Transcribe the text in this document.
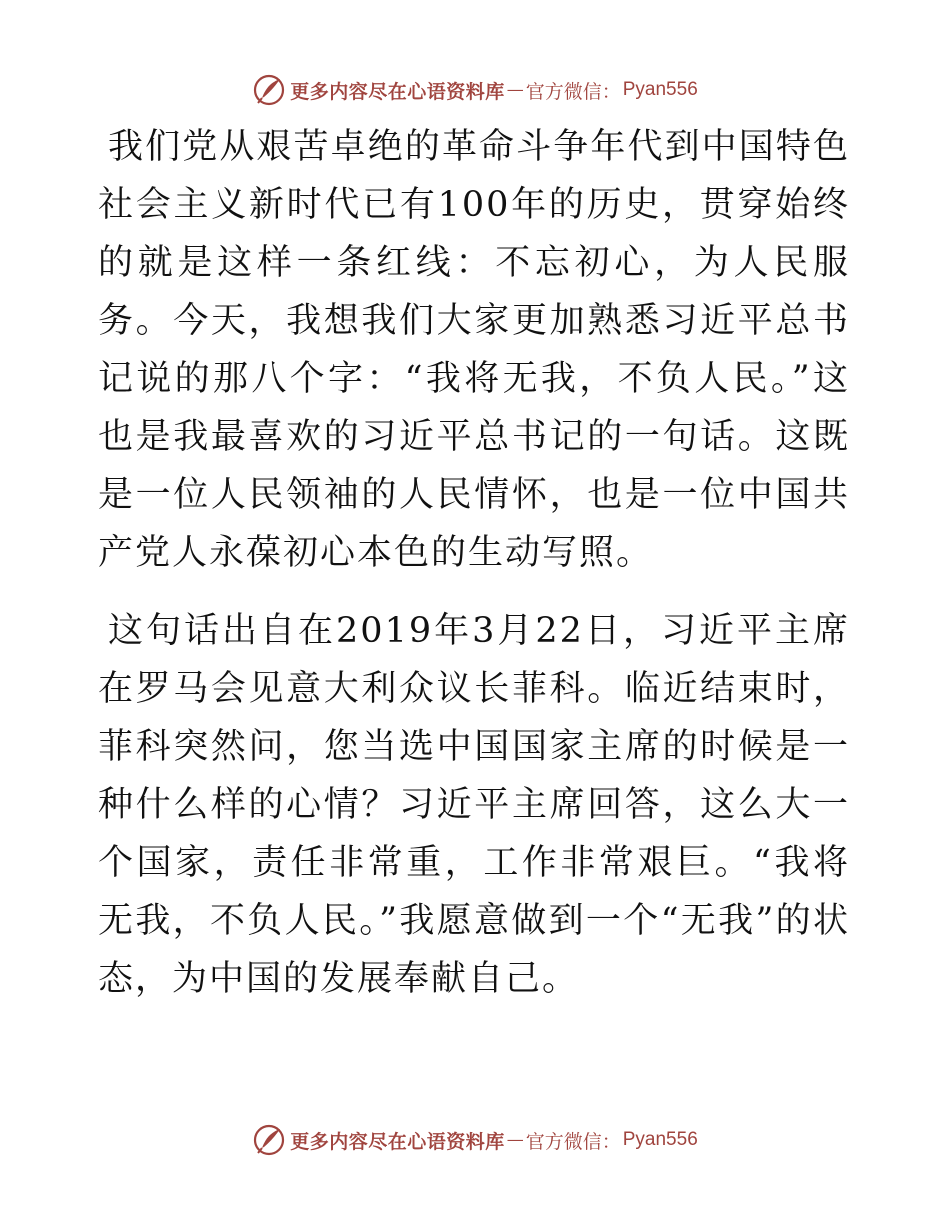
更多内容尽在心语资料库 — 官方微信： Pyan556

我们党从艰苦卓绝的革命斗争年代到中国特色社会主义新时代已有100年的历史，贯穿始终的就是这样一条红线：不忘初心，为人民服务。今天，我想我们大家更加熟悉习近平总书记说的那八个字：“我将无我，不负人民。”这也是我最喜欢的习近平总书记的一句话。这既是一位人民领袖的人民情怀，也是一位中国共产党人永葆初心本色的生动写照。

这句话出自在2019年3月22日，习近平主席在罗马会见意大利众议长菲科。临近结束时，菲科突然问，您当选中国国家主席的时候是一种什么样的心情？习近平主席回答，这么大一个国家，责任非常重，工作非常艰巨。“我将无我，不负人民。”我愿意做到一个“无我”的状态，为中国的发展奉献自己。

更多内容尽在心语资料库 — 官方微信： Pyan556
